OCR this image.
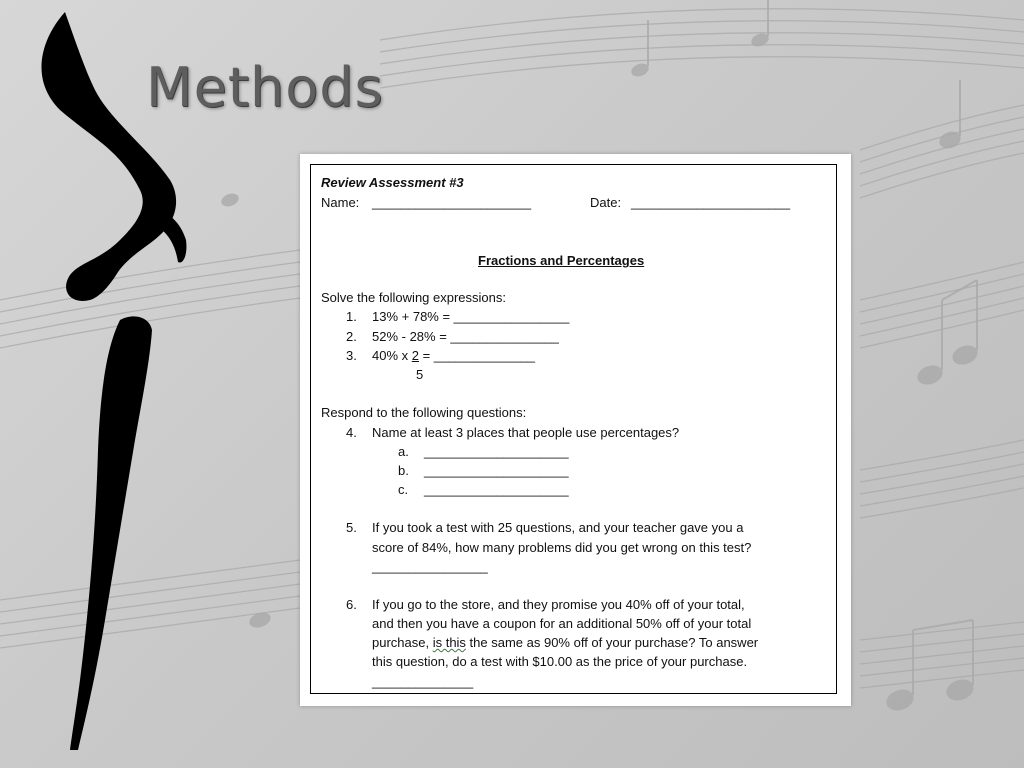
Methods
Review Assessment #3
Name: ______________________	Date: ______________________
Fractions and Percentages
Solve the following expressions:
1. 13% + 78% = ________________
2. 52% - 28% = _______________
3. 40% x 2 = ______________
5
Respond to the following questions:
4. Name at least 3 places that people use percentages?
a. ____________________
b. ____________________
c. ____________________
5. If you took a test with 25 questions, and your teacher gave you a
score of 84%, how many problems did you get wrong on this test?
________________
6. If you go to the store, and they promise you 40% off of your total,
and then you have a coupon for an additional 50% off of your total
purchase, is this the same as 90% off of your purchase? To answer
this question, do a test with $10.00 as the price of your purchase.
______________
